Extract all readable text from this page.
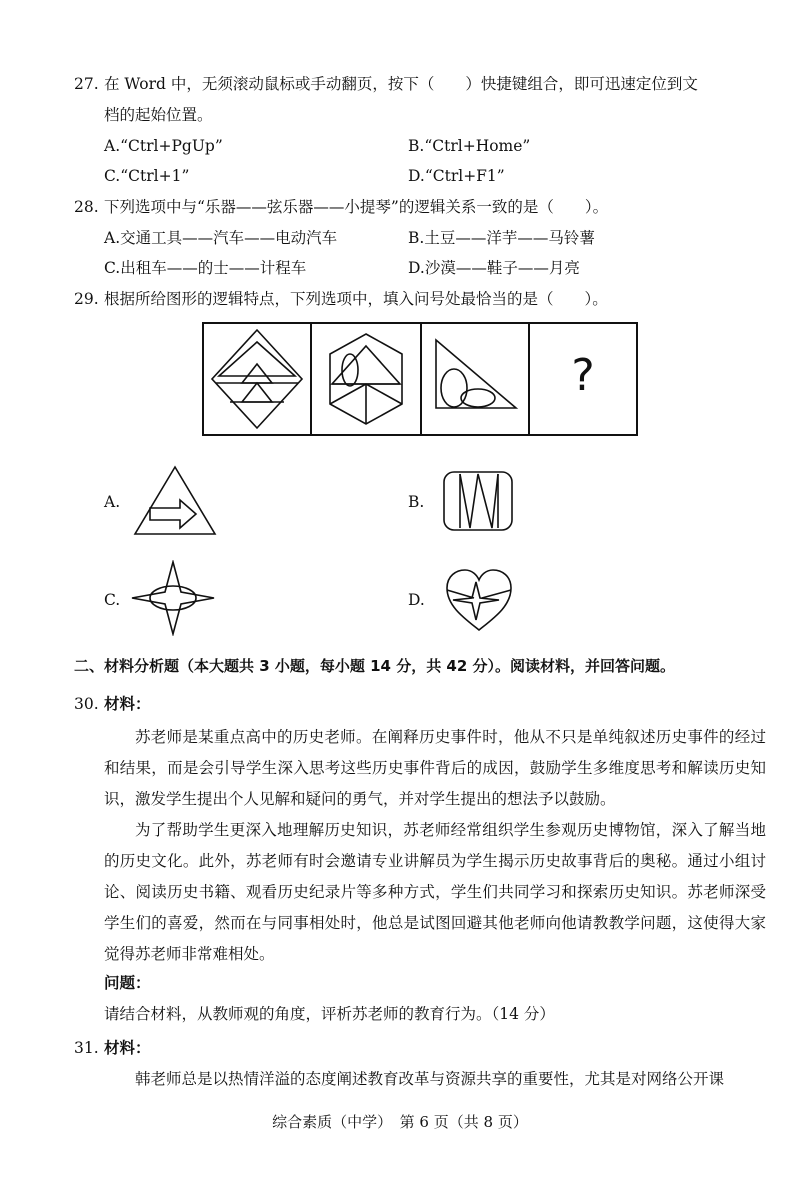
27. 在 Word 中，无须滚动鼠标或手动翻页，按下（　　）快捷键组合，即可迅速定位到文
档的起始位置。
A.“Ctrl+PgUp”	B.“Ctrl+Home”
C.“Ctrl+1”	D.“Ctrl+F1”
28. 下列选项中与“乐器——弦乐器——小提琴”的逻辑关系一致的是（　　）。
A.交通工具——汽车——电动汽车	B.土豆——洋芋——马铃薯
C.出租车——的士——计程车	D.沙漠——鞋子——月亮
29. 根据所给图形的逻辑特点，下列选项中，填入问号处最恰当的是（　　）。
?
A.	B.
C.	D.
二、材料分析题（本大题共 3 小题，每小题 14 分，共 42 分）。阅读材料，并回答问题。
30. 材料：
苏老师是某重点高中的历史老师。在阐释历史事件时，他从不只是单纯叙述历史事件的经过和结果，而是会引导学生深入思考这些历史事件背后的成因，鼓励学生多维度思考和解读历史知识，激发学生提出个人见解和疑问的勇气，并对学生提出的想法予以鼓励。
为了帮助学生更深入地理解历史知识，苏老师经常组织学生参观历史博物馆，深入了解当地的历史文化。此外，苏老师有时会邀请专业讲解员为学生揭示历史故事背后的奥秘。通过小组讨论、阅读历史书籍、观看历史纪录片等多种方式，学生们共同学习和探索历史知识。苏老师深受学生们的喜爱，然而在与同事相处时，他总是试图回避其他老师向他请教教学问题，这使得大家觉得苏老师非常难相处。
问题：
请结合材料，从教师观的角度，评析苏老师的教育行为。（14 分）
31. 材料：
韩老师总是以热情洋溢的态度阐述教育改革与资源共享的重要性，尤其是对网络公开课
综合素质（中学）　第 6 页（共 8 页）
